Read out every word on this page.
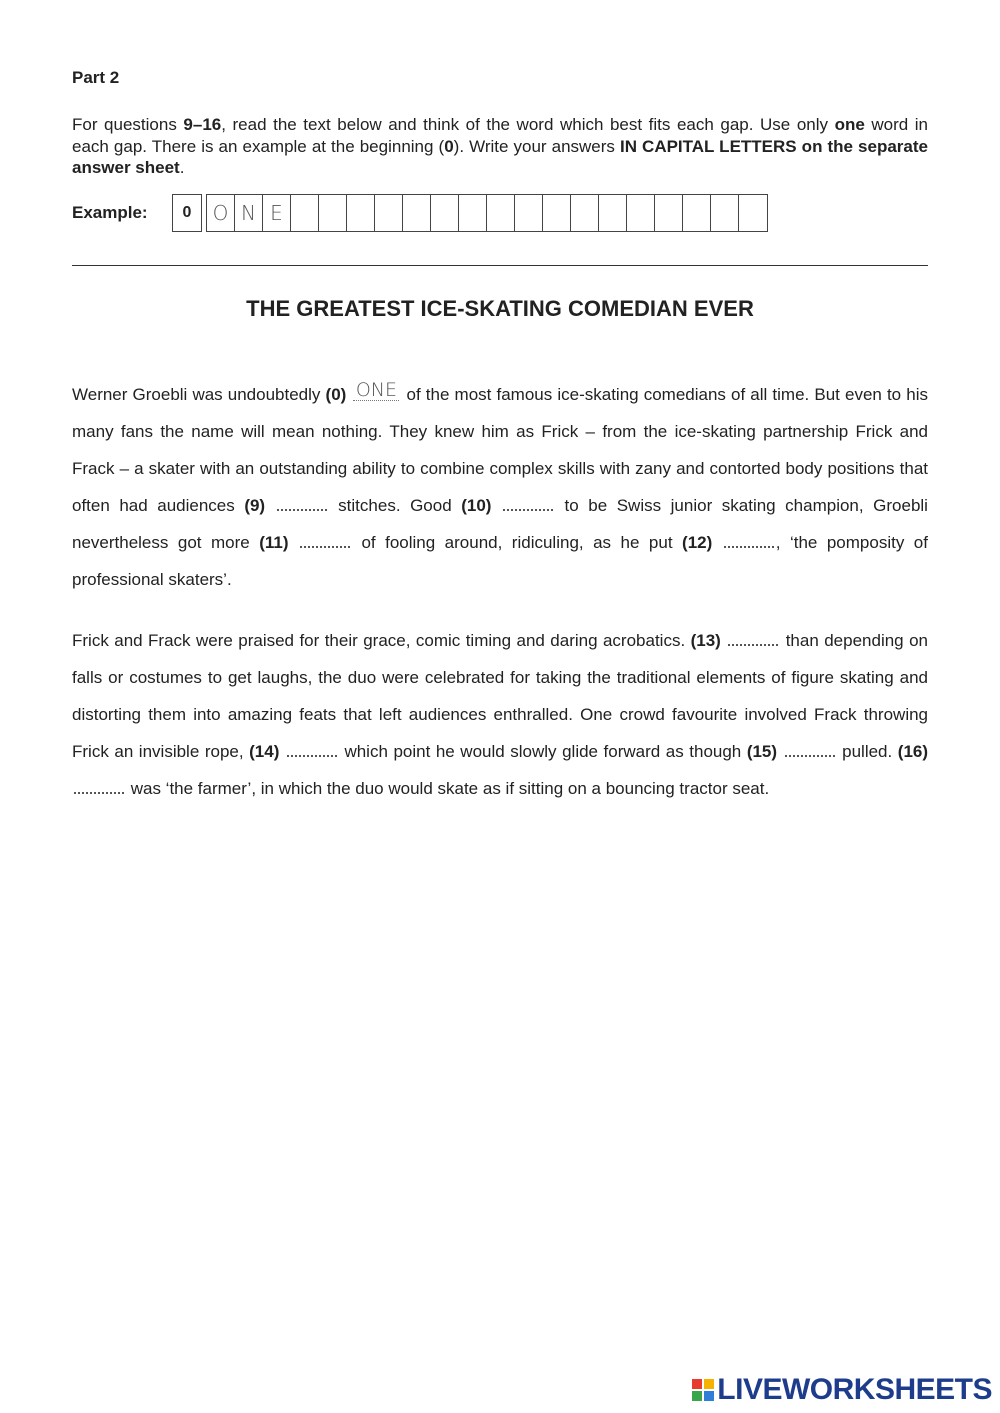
Part 2
For questions 9–16, read the text below and think of the word which best fits each gap. Use only one word in each gap. There is an example at the beginning (0). Write your answers IN CAPITAL LETTERS on the separate answer sheet.
Example:	0	O N E
THE GREATEST ICE-SKATING COMEDIAN EVER
Werner Groebli was undoubtedly (0) ONE of the most famous ice-skating comedians of all time. But even to his many fans the name will mean nothing. They knew him as Frick – from the ice-skating partnership Frick and Frack – a skater with an outstanding ability to combine complex skills with zany and contorted body positions that often had audiences (9)	stitches. Good (10)	to be Swiss junior skating champion, Groebli nevertheless got more (11)	of fooling around, ridiculing, as he put (12)	, ‘the pomposity of professional skaters’.
Frick and Frack were praised for their grace, comic timing and daring acrobatics. (13)	than depending on falls or costumes to get laughs, the duo were celebrated for taking the traditional elements of figure skating and distorting them into amazing feats that left audiences enthralled. One crowd favourite involved Frack throwing Frick an invisible rope, (14)	which point he would slowly glide forward as though (15)	pulled. (16)  was ‘the farmer’, in which the duo would skate as if sitting on a bouncing tractor seat.
LIVEWORKSHEETS
